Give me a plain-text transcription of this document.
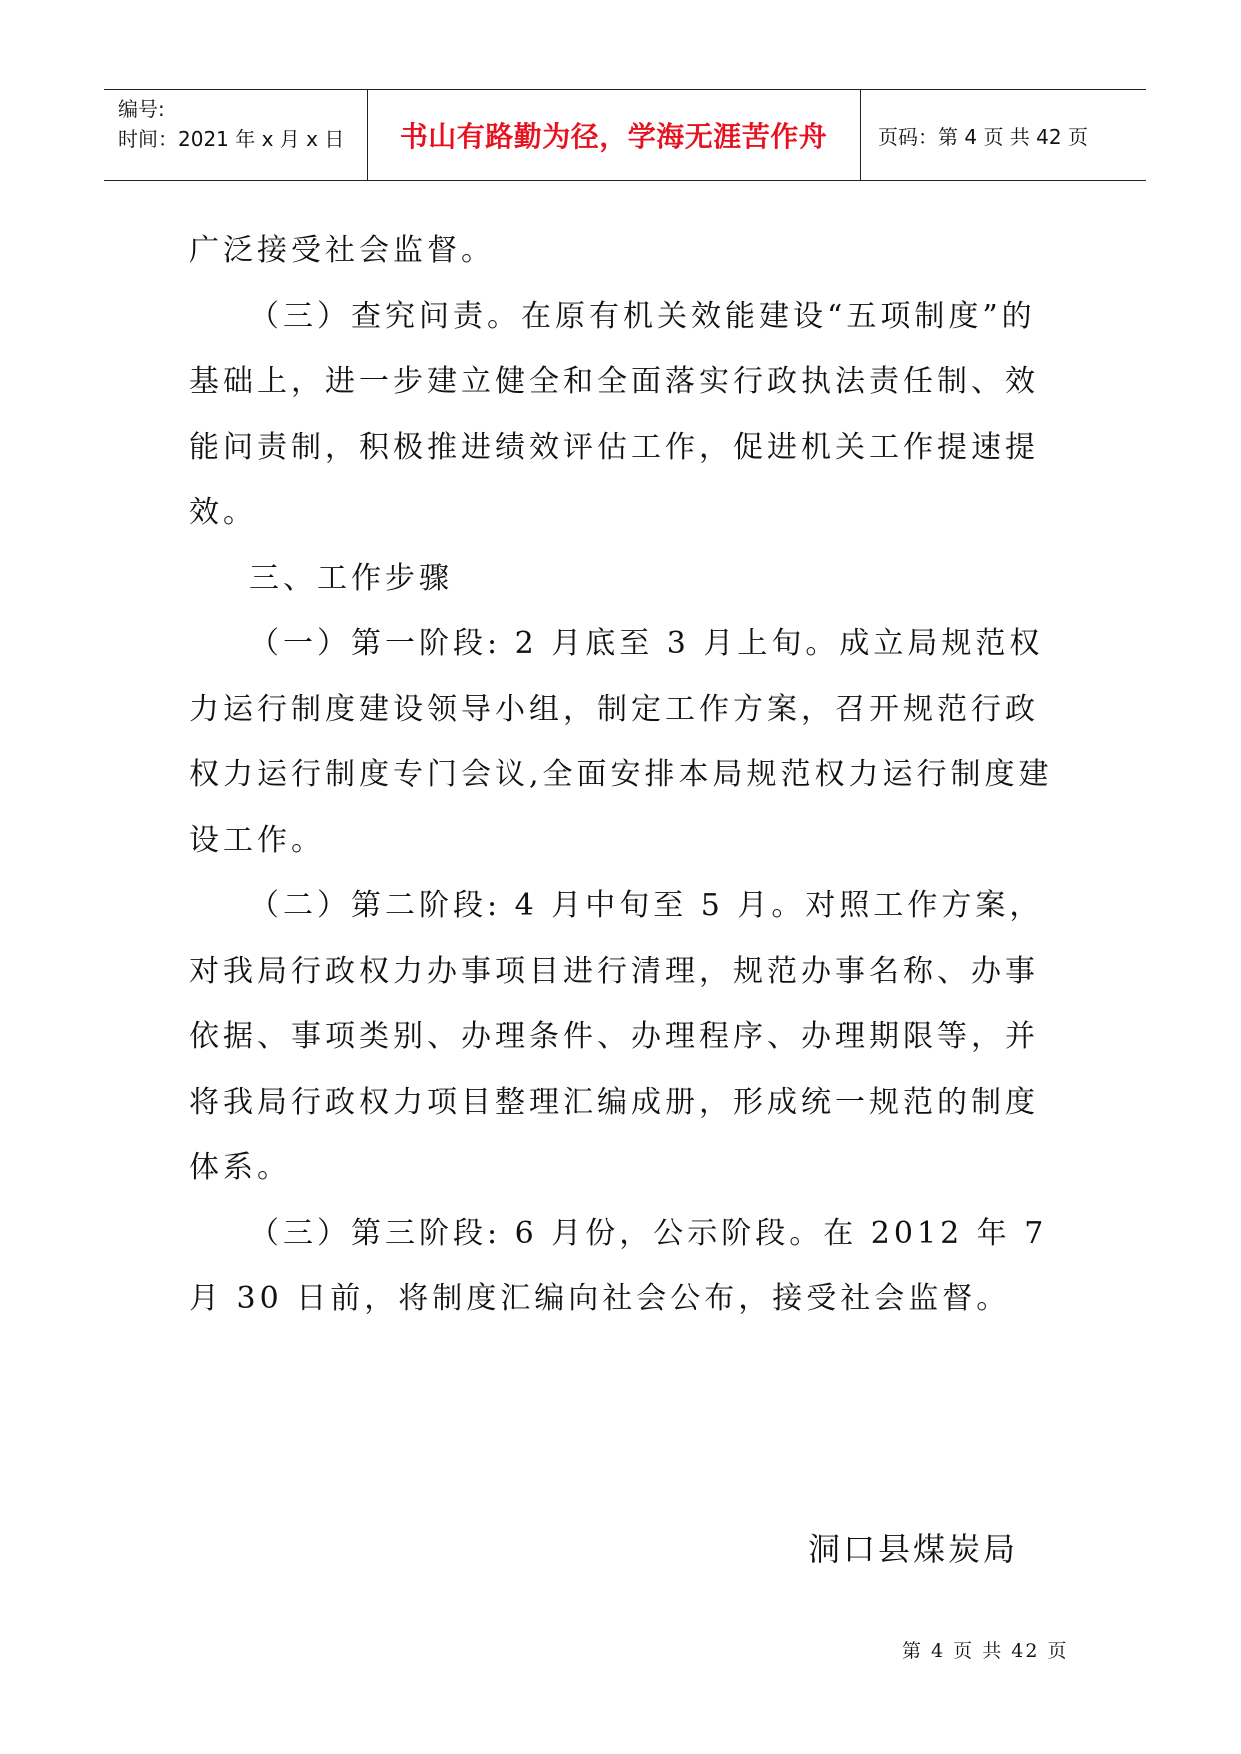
编号:
时间：2021 年 x 月 x 日	书山有路勤为径，学海无涯苦作舟	页码：第 4 页 共 42 页

广泛接受社会监督。

（三）查究问责。在原有机关效能建设“五项制度”的基础上，进一步建立健全和全面落实行政执法责任制、效能问责制，积极推进绩效评估工作，促进机关工作提速提效。

三、工作步骤

（一）第一阶段: 2 月底至 3 月上旬。成立局规范权力运行制度建设领导小组，制定工作方案，召开规范行政权力运行制度专门会议,全面安排本局规范权力运行制度建设工作。

（二）第二阶段: 4 月中旬至 5 月。对照工作方案，对我局行政权力办事项目进行清理，规范办事名称、办事依据、事项类别、办理条件、办理程序、办理期限等，并将我局行政权力项目整理汇编成册，形成统一规范的制度体系。

（三）第三阶段: 6 月份，公示阶段。在 2012 年 7 月 30 日前，将制度汇编向社会公布，接受社会监督。

洞口县煤炭局
第 4 页 共 42 页
